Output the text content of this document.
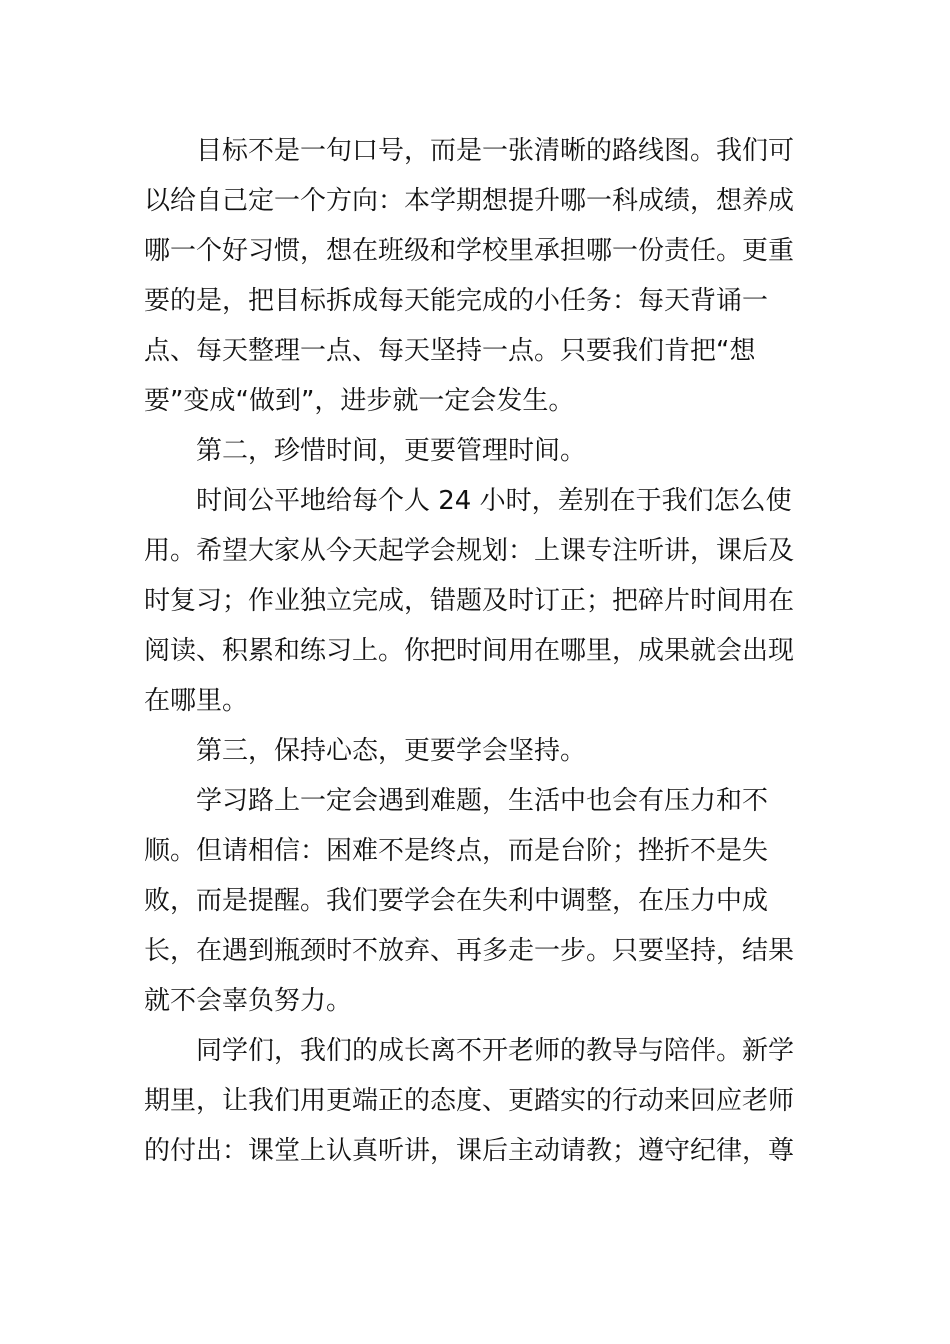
目标不是一句口号，而是一张清晰的路线图。我们可
以给自己定一个方向：本学期想提升哪一科成绩，想养成
哪一个好习惯，想在班级和学校里承担哪一份责任。更重
要的是，把目标拆成每天能完成的小任务：每天背诵一
点、每天整理一点、每天坚持一点。只要我们肯把“想
要”变成“做到”，进步就一定会发生。
第二，珍惜时间，更要管理时间。
时间公平地给每个人 24 小时，差别在于我们怎么使
用。希望大家从今天起学会规划：上课专注听讲，课后及
时复习；作业独立完成，错题及时订正；把碎片时间用在
阅读、积累和练习上。你把时间用在哪里，成果就会出现
在哪里。
第三，保持心态，更要学会坚持。
学习路上一定会遇到难题，生活中也会有压力和不
顺。但请相信：困难不是终点，而是台阶；挫折不是失
败，而是提醒。我们要学会在失利中调整，在压力中成
长，在遇到瓶颈时不放弃、再多走一步。只要坚持，结果
就不会辜负努力。
同学们，我们的成长离不开老师的教导与陪伴。新学
期里，让我们用更端正的态度、更踏实的行动来回应老师
的付出：课堂上认真听讲，课后主动请教；遵守纪律，尊
